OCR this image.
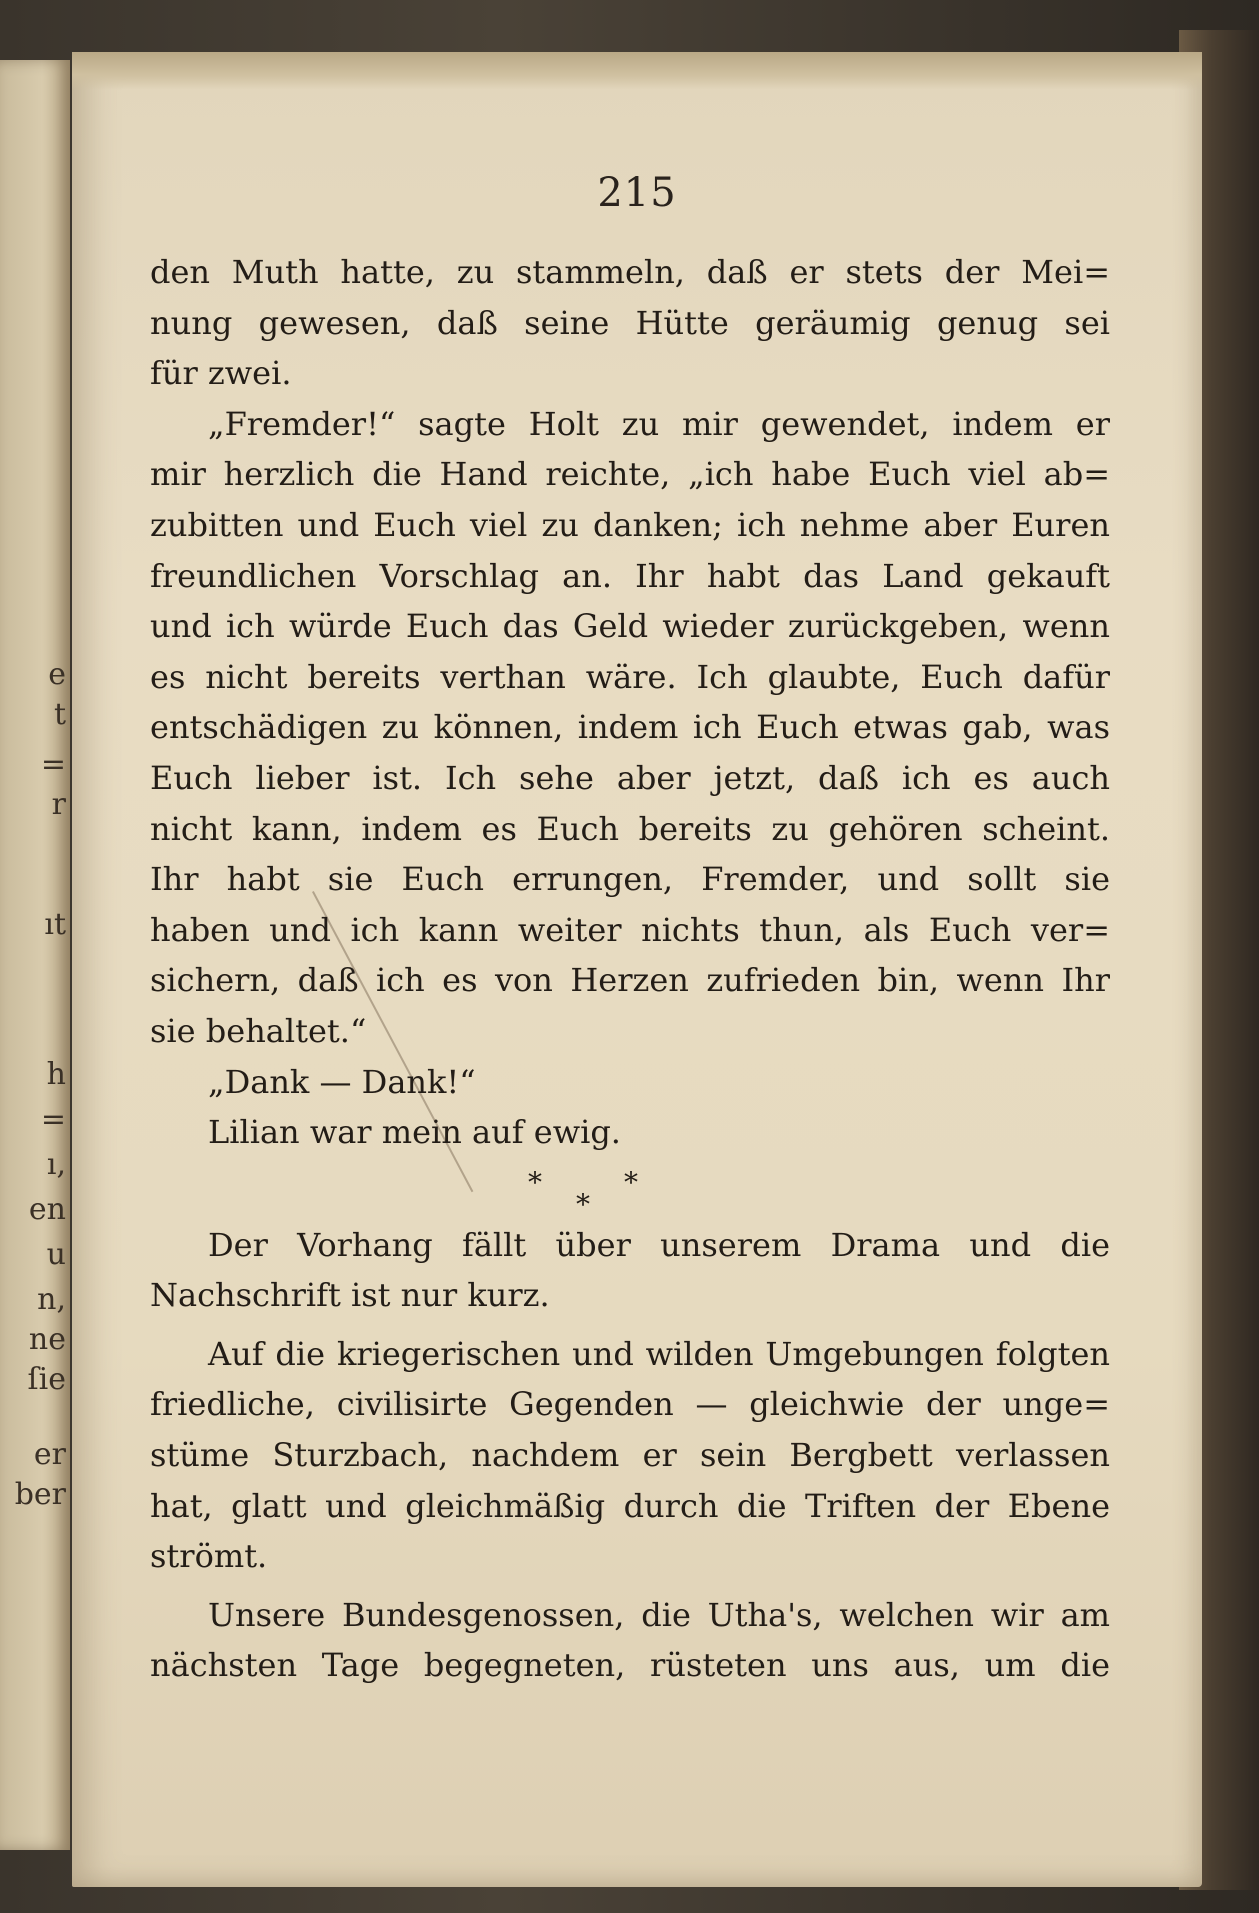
e
t
=
r
ıt
h
=
ı,
en
u
n,
ne
ſie
er
ber
215
den Muth hatte, zu stammeln, daß er stets der Mei=
nung gewesen, daß seine Hütte geräumig genug sei
für zwei.
„Fremder!“ sagte Holt zu mir gewendet, indem er
mir herzlich die Hand reichte, „ich habe Euch viel ab=
zubitten und Euch viel zu danken; ich nehme aber Euren
freundlichen Vorschlag an. Ihr habt das Land gekauft
und ich würde Euch das Geld wieder zurückgeben, wenn
es nicht bereits verthan wäre. Ich glaubte, Euch dafür
entschädigen zu können, indem ich Euch etwas gab, was
Euch lieber ist. Ich sehe aber jetzt, daß ich es auch
nicht kann, indem es Euch bereits zu gehören scheint.
Ihr habt sie Euch errungen, Fremder, und sollt sie
haben und ich kann weiter nichts thun, als Euch ver=
sichern, daß ich es von Herzen zufrieden bin, wenn Ihr
sie behaltet.“
„Dank — Dank!“
Lilian war mein auf ewig.
*	*
*
Der Vorhang fällt über unserem Drama und die
Nachschrift ist nur kurz.
Auf die kriegerischen und wilden Umgebungen folgten
friedliche, civilisirte Gegenden — gleichwie der unge=
stüme Sturzbach, nachdem er sein Bergbett verlassen
hat, glatt und gleichmäßig durch die Triften der Ebene
strömt.
Unsere Bundesgenossen, die Utha's, welchen wir am
nächsten Tage begegneten, rüsteten uns aus, um die
